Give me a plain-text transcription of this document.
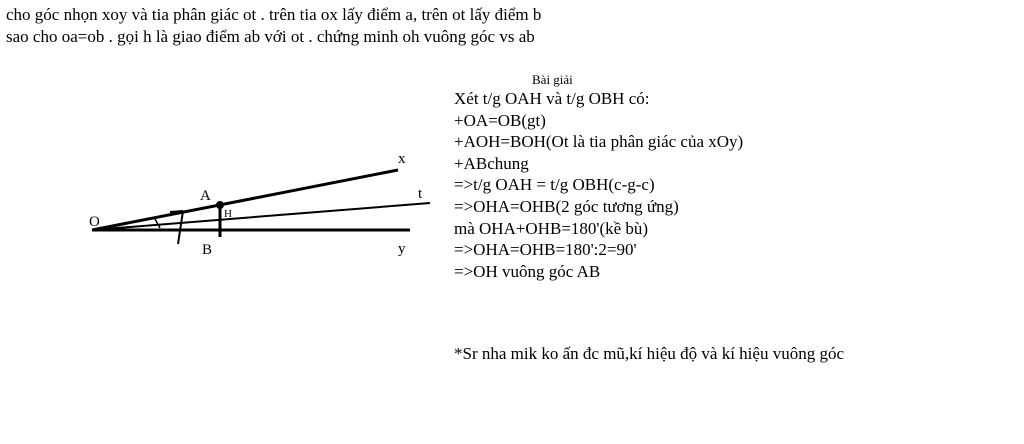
cho góc nhọn xoy và tia phân giác ot . trên tia ox lấy điểm a, trên ot lấy điểm b
sao cho oa=ob . gọi h là giao điểm ab với ot . chứng minh oh vuông góc vs ab
O
A
H
B
x
t
y
Bài giải
Xét t/g OAH và t/g OBH có:
+OA=OB(gt)
+AOH=BOH(Ot là tia phân giác của xOy)
+ABchung
=>t/g OAH = t/g OBH(c-g-c)
=>OHA=OHB(2 góc tương ứng)
mà OHA+OHB=180'(kề bù)
=>OHA=OHB=180':2=90'
=>OH vuông góc AB
*Sr nha mik ko ấn đc mũ,kí hiệu độ và kí hiệu vuông góc
